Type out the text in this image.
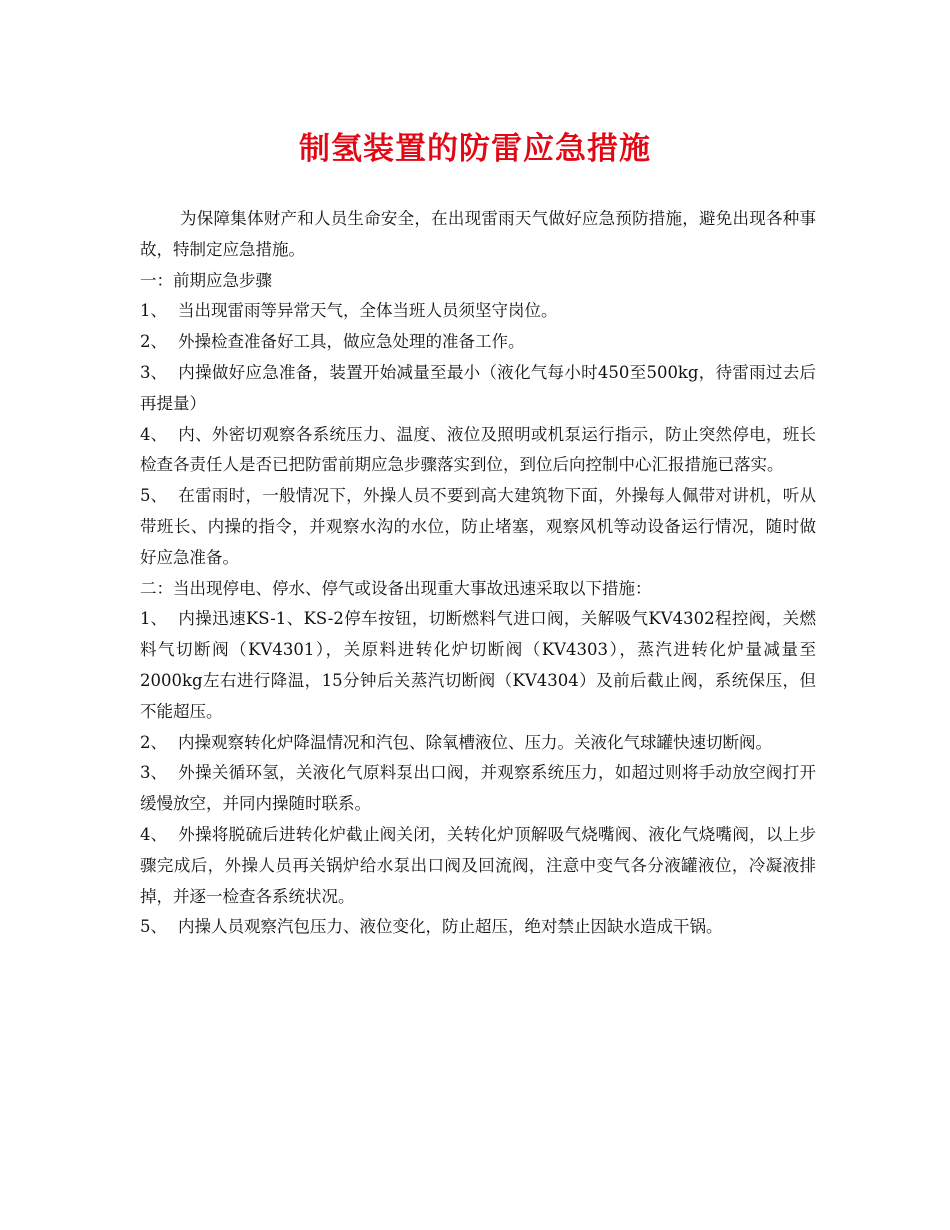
制氢装置的防雷应急措施

为保障集体财产和人员生命安全，在出现雷雨天气做好应急预防措施，避免出现各种事故，特制定应急措施。

一：前期应急步骤

1、 当出现雷雨等异常天气，全体当班人员须坚守岗位。

2、 外操检查准备好工具，做应急处理的准备工作。

3、 内操做好应急准备，装置开始减量至最小（液化气每小时450至500kg，待雷雨过去后再提量）

4、 内、外密切观察各系统压力、温度、液位及照明或机泵运行指示，防止突然停电，班长检查各责任人是否已把防雷前期应急步骤落实到位，到位后向控制中心汇报措施已落实。

5、 在雷雨时，一般情况下，外操人员不要到高大建筑物下面，外操每人佩带对讲机，听从带班长、内操的指令，并观察水沟的水位，防止堵塞，观察风机等动设备运行情况，随时做好应急准备。

二：当出现停电、停水、停气或设备出现重大事故迅速采取以下措施：

1、 内操迅速KS-1、KS-2停车按钮，切断燃料气进口阀，关解吸气KV4302程控阀，关燃料气切断阀（KV4301），关原料进转化炉切断阀（KV4303），蒸汽进转化炉量减量至2000kg左右进行降温，15分钟后关蒸汽切断阀（KV4304）及前后截止阀，系统保压，但不能超压。

2、 内操观察转化炉降温情况和汽包、除氧槽液位、压力。关液化气球罐快速切断阀。

3、 外操关循环氢，关液化气原料泵出口阀，并观察系统压力，如超过则将手动放空阀打开缓慢放空，并同内操随时联系。

4、 外操将脱硫后进转化炉截止阀关闭，关转化炉顶解吸气烧嘴阀、液化气烧嘴阀，以上步骤完成后，外操人员再关锅炉给水泵出口阀及回流阀，注意中变气各分液罐液位，冷凝液排掉，并逐一检查各系统状况。

5、 内操人员观察汽包压力、液位变化，防止超压，绝对禁止因缺水造成干锅。
